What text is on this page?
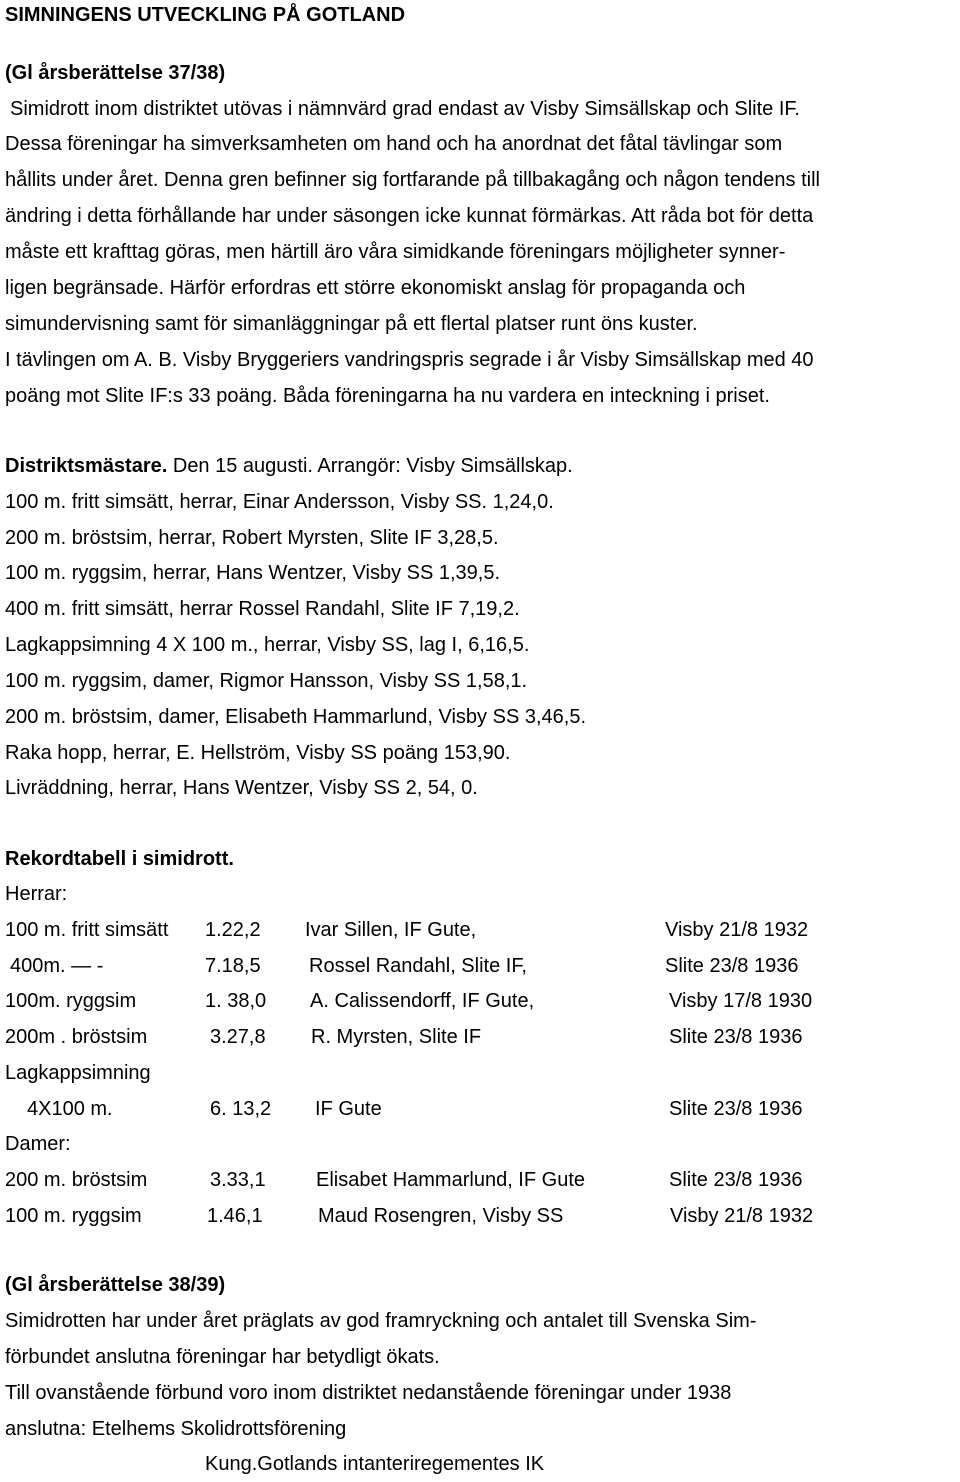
SIMNINGENS UTVECKLING PÅ GOTLAND
(Gl årsberättelse 37/38)
Simidrott inom distriktet utövas i nämnvärd grad endast av Visby Simsällskap och Slite IF.
Dessa föreningar ha simverksamheten om hand och ha anordnat det fåtal tävlingar som
hållits under året. Denna gren befinner sig fortfarande på tillbakagång och någon tendens till
ändring i detta förhållande har under säsongen icke kunnat förmärkas. Att råda bot för detta
måste ett krafttag göras, men härtill äro våra simidkande föreningars möjligheter synner-
ligen begränsade. Härför erfordras ett större ekonomiskt anslag för propaganda och
simundervisning samt för simanläggningar på ett flertal platser runt öns kuster.
I tävlingen om A. B. Visby Bryggeriers vandringspris segrade i år Visby Simsällskap med 40
poäng mot Slite IF:s 33 poäng. Båda föreningarna ha nu vardera en inteckning i priset.
Distriktsmästare. Den 15 augusti. Arrangör: Visby Simsällskap.
100 m. fritt simsätt, herrar, Einar Andersson, Visby SS. 1,24,0.
200 m. bröstsim, herrar, Robert Myrsten, Slite IF 3,28,5.
100 m. ryggsim, herrar, Hans Wentzer, Visby SS 1,39,5.
400 m. fritt simsätt, herrar Rossel Randahl, Slite IF 7,19,2.
Lagkappsimning 4 X 100 m., herrar, Visby SS, lag I, 6,16,5.
100 m. ryggsim, damer, Rigmor Hansson, Visby SS 1,58,1.
200 m. bröstsim, damer, Elisabeth Hammarlund, Visby SS 3,46,5.
Raka hopp, herrar, E. Hellström, Visby SS poäng 153,90.
Livräddning, herrar, Hans Wentzer, Visby SS 2, 54, 0.
Rekordtabell i simidrott.
Herrar:
100 m. fritt simsätt 1.22,2 Ivar Sillen, IF Gute,	Visby 21/8 1932
400m. — -	7.18,5 Rossel Randahl, Slite IF,	Slite 23/8 1936
100m. ryggsim	1. 38,0 A. Calissendorff, IF Gute,	Visby 17/8 1930
200m . bröstsim	3.27,8 R. Myrsten, Slite IF	Slite 23/8 1936
Lagkappsimning
4X100 m.	6. 13,2 IF Gute	Slite 23/8 1936
Damer:
200 m. bröstsim	3.33,1	Elisabet Hammarlund, IF Gute	Slite 23/8 1936
100 m. ryggsim	1.46,1	Maud Rosengren, Visby SS	Visby 21/8 1932
(Gl årsberättelse 38/39)
Simidrotten har under året präglats av god framryckning och antalet till Svenska Sim-
förbundet anslutna föreningar har betydligt ökats.
Till ovanstående förbund voro inom distriktet nedanstående föreningar under 1938
anslutna: Etelhems Skolidrottsförening
Kung.Gotlands intanteriregementes IK
